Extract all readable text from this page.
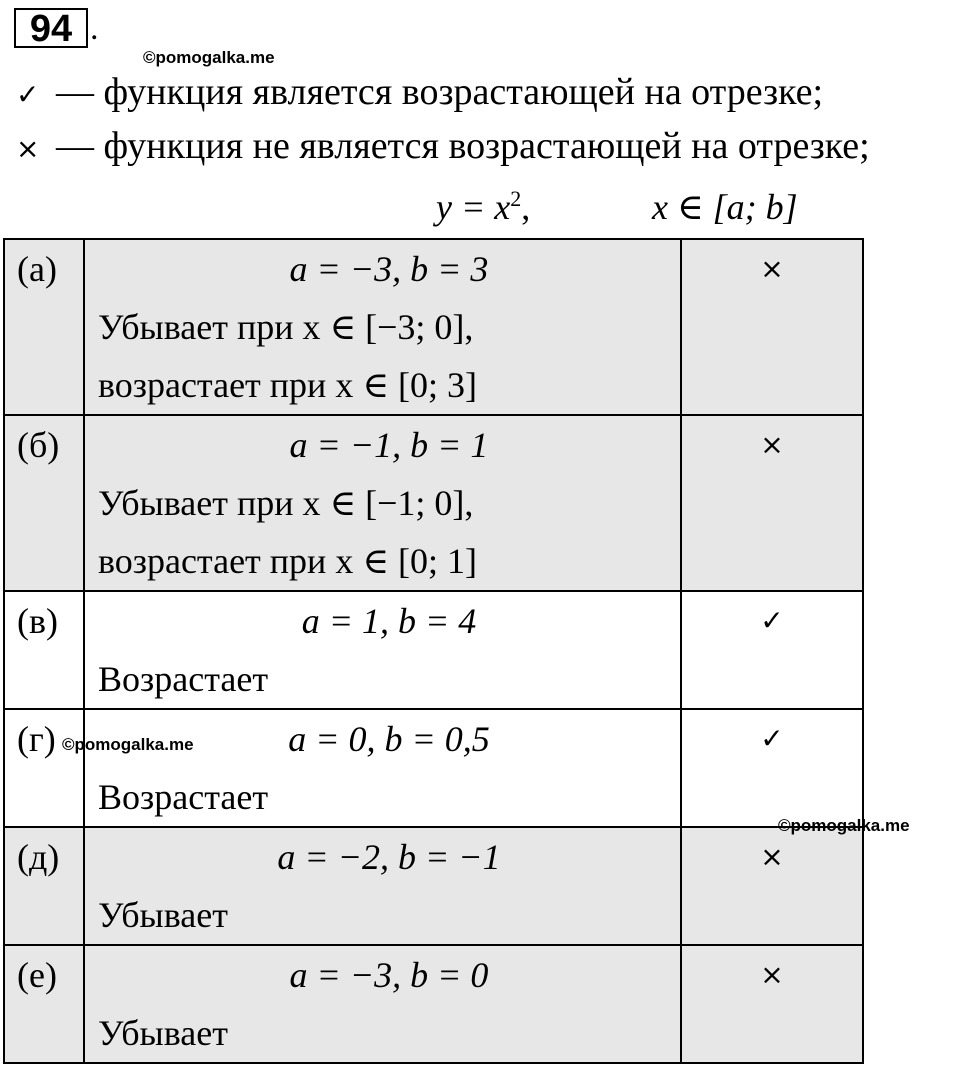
94 .
©pomogalka.me
✓ — функция является возрастающей на отрезке;
× — функция не является возрастающей на отрезке;
$y = x^2$,	x ∈ [a; b]
(а)	a = −3, b = 3
Убывает при x ∈ [−3; 0],
возрастает при x ∈ [0; 3]	×
(б)	a = −1, b = 1
Убывает при x ∈ [−1; 0],
возрастает при x ∈ [0; 1]	×
(в)	a = 1, b = 4
Возрастает	✓
(г)	a = 0, b = 0,5
Возрастает	✓
(д)	a = −2, b = −1
Убывает	×
(е)	a = −3, b = 0
Убывает	×
©pomogalka.me
©pomogalka.me
